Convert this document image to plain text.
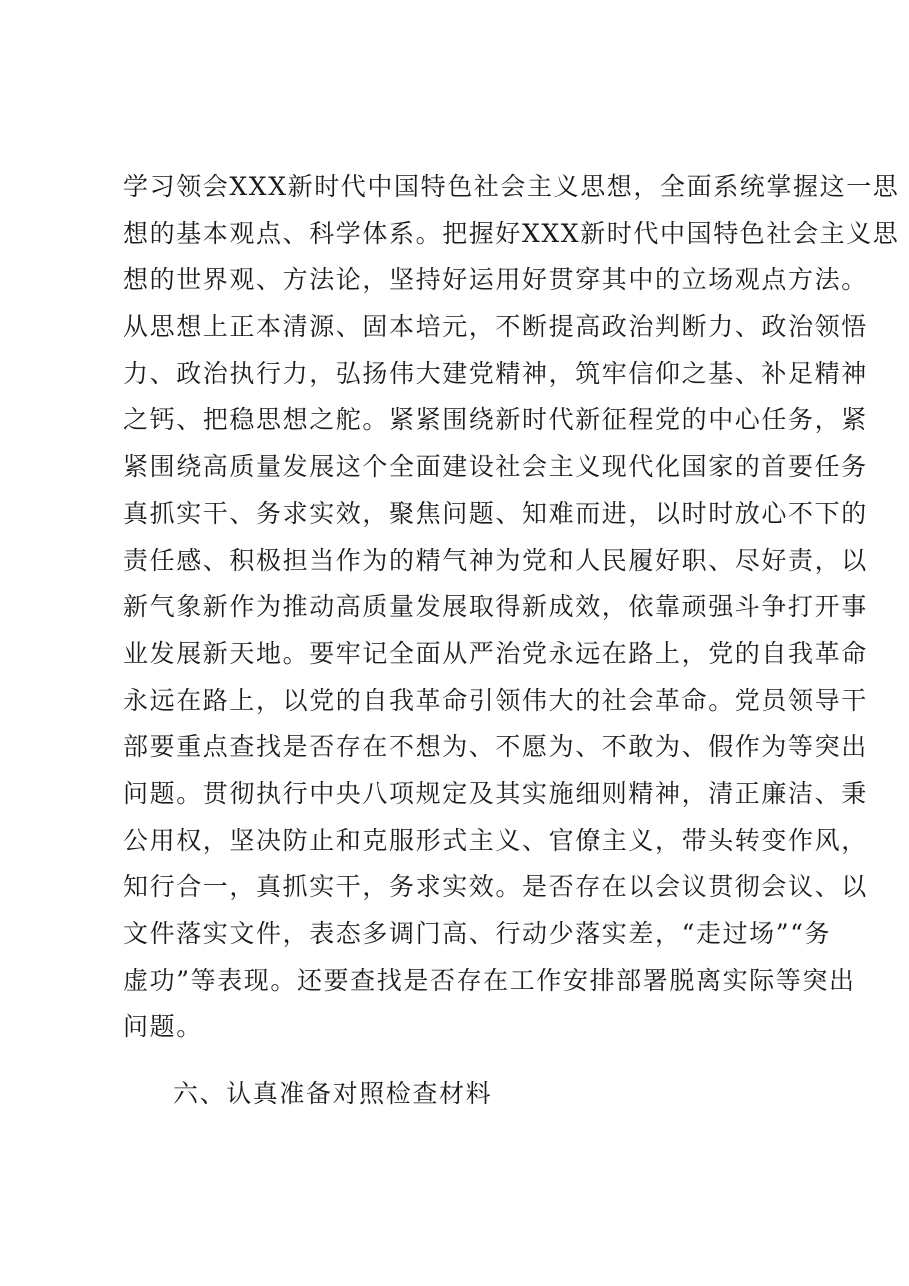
学习领会XXX新时代中国特色社会主义思想，全面系统掌握这一思
想的基本观点、科学体系。把握好XXX新时代中国特色社会主义思
想的世界观、方法论，坚持好运用好贯穿其中的立场观点方法。
从思想上正本清源、固本培元，不断提高政治判断力、政治领悟
力、政治执行力，弘扬伟大建党精神，筑牢信仰之基、补足精神
之钙、把稳思想之舵。紧紧围绕新时代新征程党的中心任务，紧
紧围绕高质量发展这个全面建设社会主义现代化国家的首要任务
真抓实干、务求实效，聚焦问题、知难而进，以时时放心不下的
责任感、积极担当作为的精气神为党和人民履好职、尽好责，以
新气象新作为推动高质量发展取得新成效，依靠顽强斗争打开事
业发展新天地。要牢记全面从严治党永远在路上，党的自我革命
永远在路上，以党的自我革命引领伟大的社会革命。党员领导干
部要重点查找是否存在不想为、不愿为、不敢为、假作为等突出
问题。贯彻执行中央八项规定及其实施细则精神，清正廉洁、秉
公用权，坚决防止和克服形式主义、官僚主义，带头转变作风，
知行合一，真抓实干，务求实效。是否存在以会议贯彻会议、以
文件落实文件，表态多调门高、行动少落实差，“走过场”“务
虚功”等表现。还要查找是否存在工作安排部署脱离实际等突出
问题。

六、认真准备对照检查材料
